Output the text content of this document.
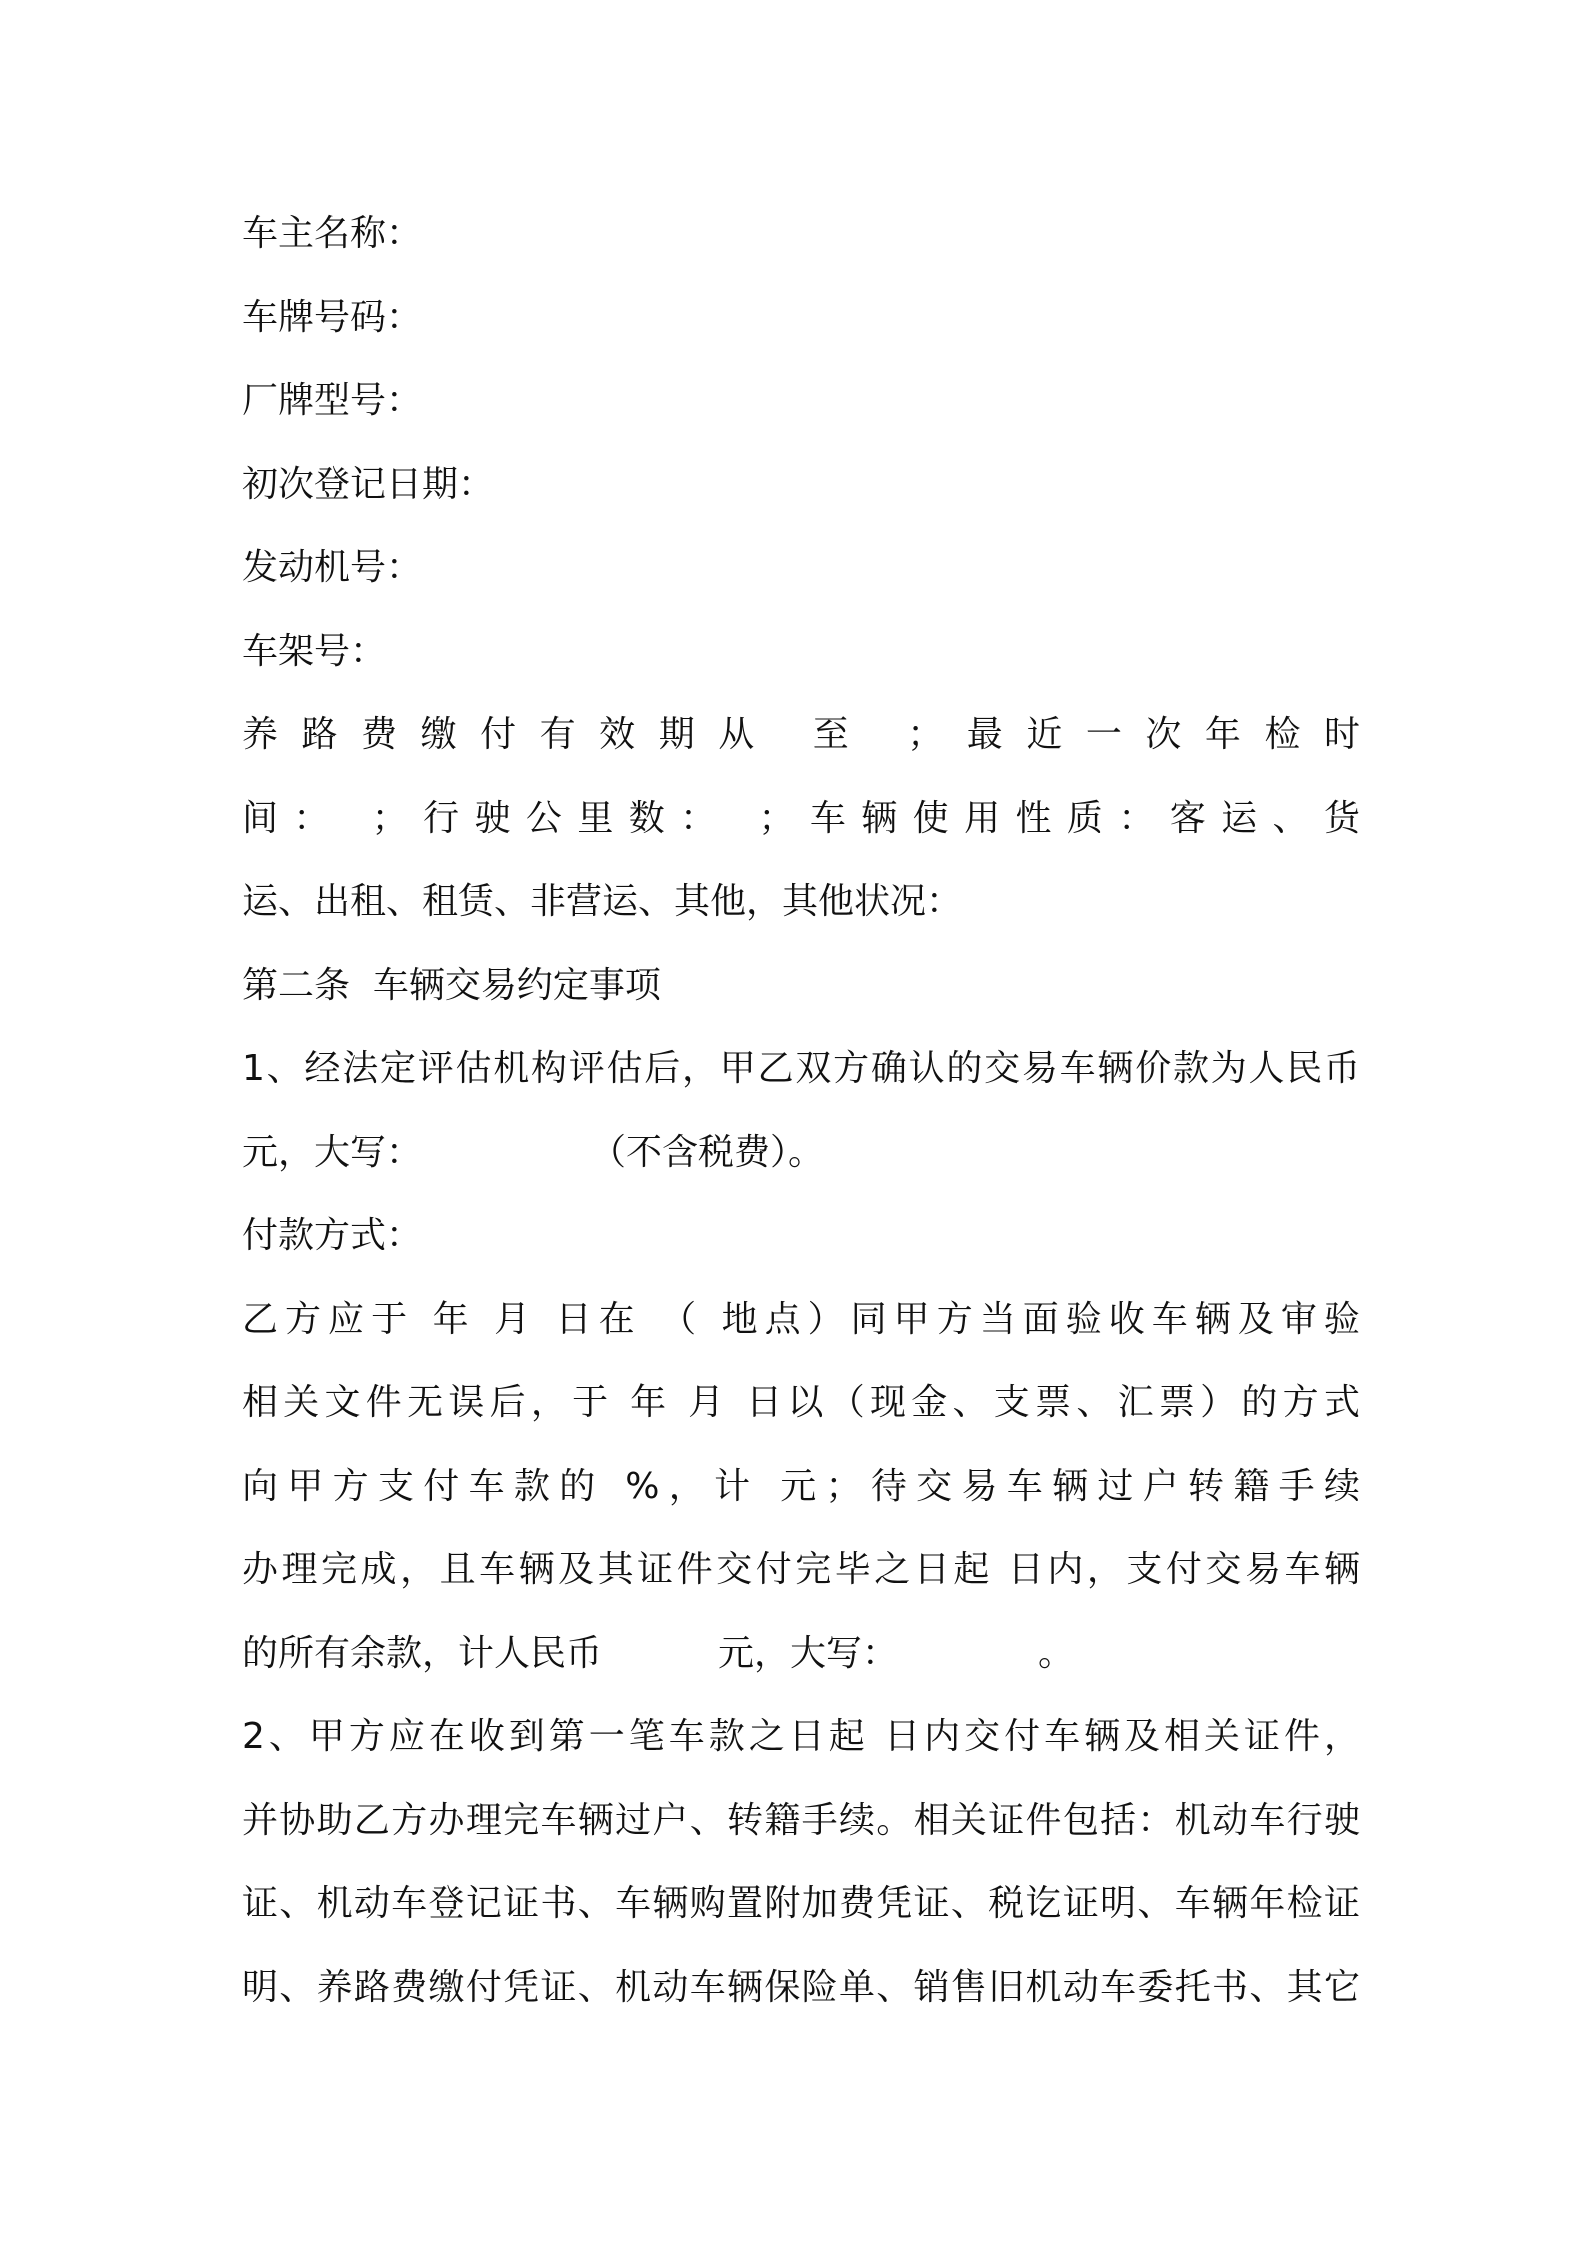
车主名称：
车牌号码：
厂牌型号：
初次登记日期：
发动机号：
车架号：
养路费缴付有效期从 至 ；最近一次年检时
间： ；行驶公里数： ；车辆使用性质：客运、货
运、出租、租赁、非营运、其他，其他状况：
第二条  车辆交易约定事项
1、经法定评估机构评估后，甲乙双方确认的交易车辆价款为人民币
元，大写：	（不含税费）。
付款方式：
乙方应于 年 月 日在 （ 地点）同甲方当面验收车辆及审验
相关文件无误后，于 年 月 日以（现金、支票、汇票）的方式
向甲方支付车款的 %，计 元；待交易车辆过户转籍手续
办理完成，且车辆及其证件交付完毕之日起 日内，支付交易车辆
的所有余款，计人民币	元，大写：	。
2、甲方应在收到第一笔车款之日起 日内交付车辆及相关证件，
并协助乙方办理完车辆过户、转籍手续。相关证件包括：机动车行驶
证、机动车登记证书、车辆购置附加费凭证、税讫证明、车辆年检证
明、养路费缴付凭证、机动车辆保险单、销售旧机动车委托书、其它
